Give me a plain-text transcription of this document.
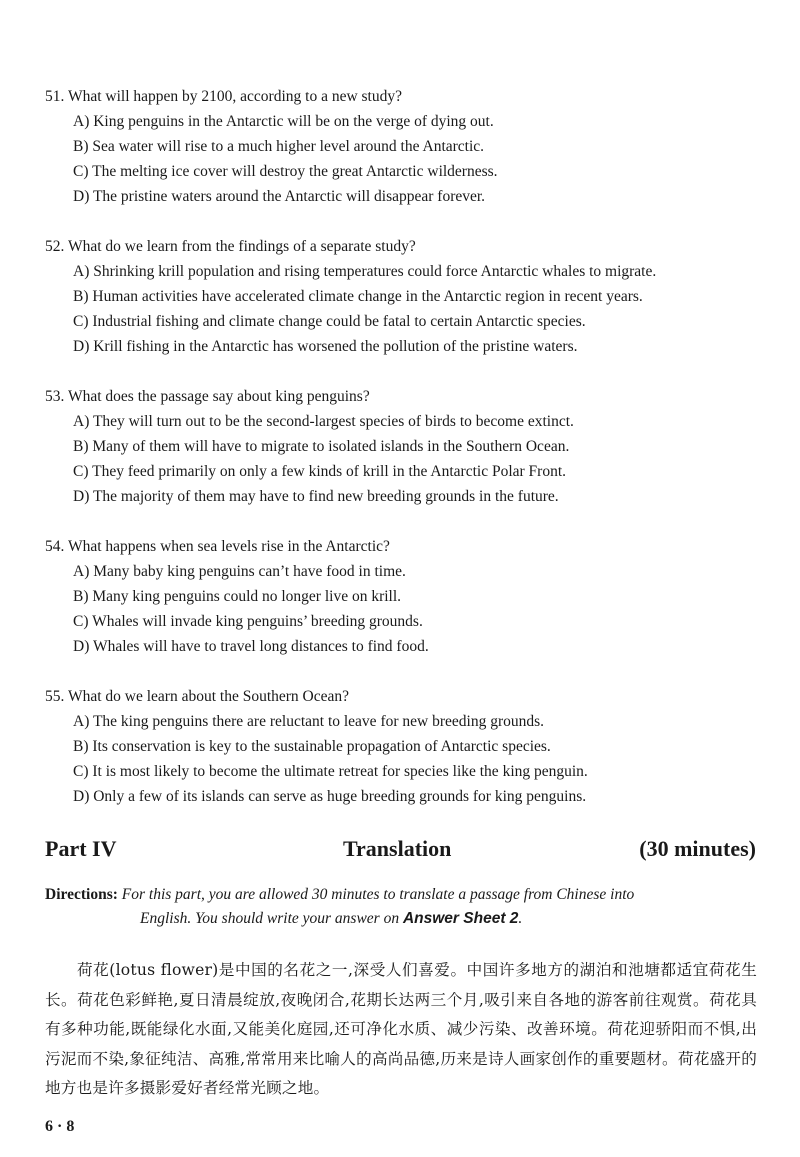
51. What will happen by 2100, according to a new study?
A) King penguins in the Antarctic will be on the verge of dying out.
B) Sea water will rise to a much higher level around the Antarctic.
C) The melting ice cover will destroy the great Antarctic wilderness.
D) The pristine waters around the Antarctic will disappear forever.
52. What do we learn from the findings of a separate study?
A) Shrinking krill population and rising temperatures could force Antarctic whales to migrate.
B) Human activities have accelerated climate change in the Antarctic region in recent years.
C) Industrial fishing and climate change could be fatal to certain Antarctic species.
D) Krill fishing in the Antarctic has worsened the pollution of the pristine waters.
53. What does the passage say about king penguins?
A) They will turn out to be the second-largest species of birds to become extinct.
B) Many of them will have to migrate to isolated islands in the Southern Ocean.
C) They feed primarily on only a few kinds of krill in the Antarctic Polar Front.
D) The majority of them may have to find new breeding grounds in the future.
54. What happens when sea levels rise in the Antarctic?
A) Many baby king penguins can’t have food in time.
B) Many king penguins could no longer live on krill.
C) Whales will invade king penguins’ breeding grounds.
D) Whales will have to travel long distances to find food.
55. What do we learn about the Southern Ocean?
A) The king penguins there are reluctant to leave for new breeding grounds.
B) Its conservation is key to the sustainable propagation of Antarctic species.
C) It is most likely to become the ultimate retreat for species like the king penguin.
D) Only a few of its islands can serve as huge breeding grounds for king penguins.
Part IV	Translation	(30 minutes)
Directions: For this part, you are allowed 30 minutes to translate a passage from Chinese into
English. You should write your answer on Answer Sheet 2.
荷花(lotus flower)是中国的名花之一,深受人们喜爱。中国许多地方的湖泊和池塘都适宜荷花生长。荷花色彩鲜艳,夏日清晨绽放,夜晚闭合,花期长达两三个月,吸引来自各地的游客前往观赏。荷花具有多种功能,既能绿化水面,又能美化庭园,还可净化水质、减少污染、改善环境。荷花迎骄阳而不惧,出污泥而不染,象征纯洁、高雅,常常用来比喻人的高尚品德,历来是诗人画家创作的重要题材。荷花盛开的地方也是许多摄影爱好者经常光顾之地。
6 · 8
